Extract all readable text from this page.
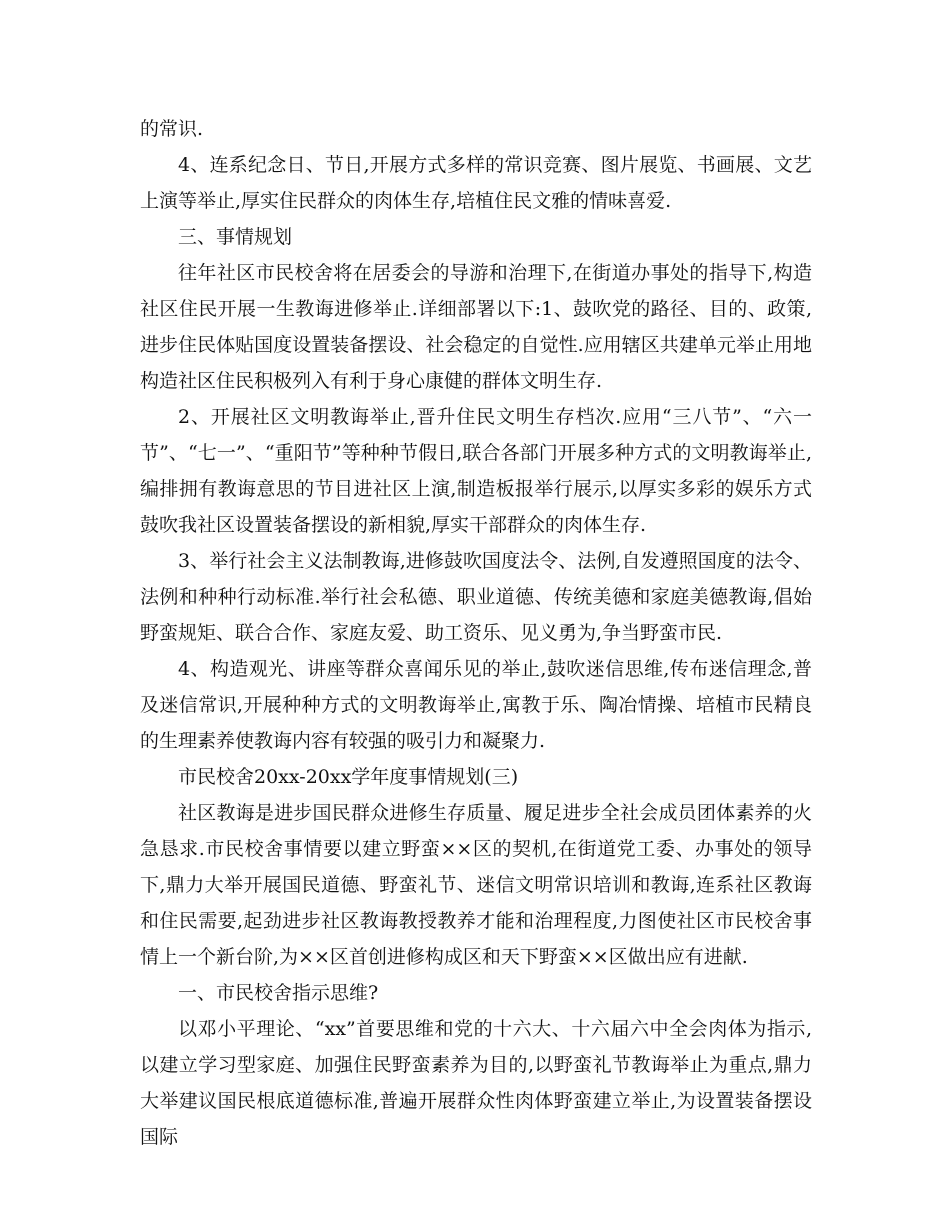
的常识.

4、连系纪念日、节日,开展方式多样的常识竞赛、图片展览、书画展、文艺上演等举止,厚实住民群众的肉体生存,培植住民文雅的情味喜爱.

三、事情规划

往年社区市民校舍将在居委会的导游和治理下,在街道办事处的指导下,构造社区住民开展一生教诲进修举止.详细部署以下:1、鼓吹党的路径、目的、政策,进步住民体贴国度设置装备摆设、社会稳定的自觉性.应用辖区共建单元举止用地构造社区住民积极列入有利于身心康健的群体文明生存.

2、开展社区文明教诲举止,晋升住民文明生存档次.应用“三八节”、“六一节”、“七一”、“重阳节”等种种节假日,联合各部门开展多种方式的文明教诲举止,编排拥有教诲意思的节目进社区上演,制造板报举行展示,以厚实多彩的娱乐方式鼓吹我社区设置装备摆设的新相貌,厚实干部群众的肉体生存.

3、举行社会主义法制教诲,进修鼓吹国度法令、法例,自发遵照国度的法令、法例和种种行动标准.举行社会私德、职业道德、传统美德和家庭美德教诲,倡始野蛮规矩、联合合作、家庭友爱、助工资乐、见义勇为,争当野蛮市民.

4、构造观光、讲座等群众喜闻乐见的举止,鼓吹迷信思维,传布迷信理念,普及迷信常识,开展种种方式的文明教诲举止,寓教于乐、陶冶情操、培植市民精良的生理素养使教诲内容有较强的吸引力和凝聚力.

市民校舍20xx-20xx学年度事情规划(三)

社区教诲是进步国民群众进修生存质量、履足进步全社会成员团体素养的火急恳求.市民校舍事情要以建立野蛮××区的契机,在街道党工委、办事处的领导下,鼎力大举开展国民道德、野蛮礼节、迷信文明常识培训和教诲,连系社区教诲和住民需要,起劲进步社区教诲教授教养才能和治理程度,力图使社区市民校舍事情上一个新台阶,为××区首创进修构成区和天下野蛮××区做出应有进献.

一、市民校舍指示思维?

以邓小平理论、“xx”首要思维和党的十六大、十六届六中全会肉体为指示,以建立学习型家庭、加强住民野蛮素养为目的,以野蛮礼节教诲举止为重点,鼎力大举建议国民根底道德标准,普遍开展群众性肉体野蛮建立举止,为设置装备摆设国际
